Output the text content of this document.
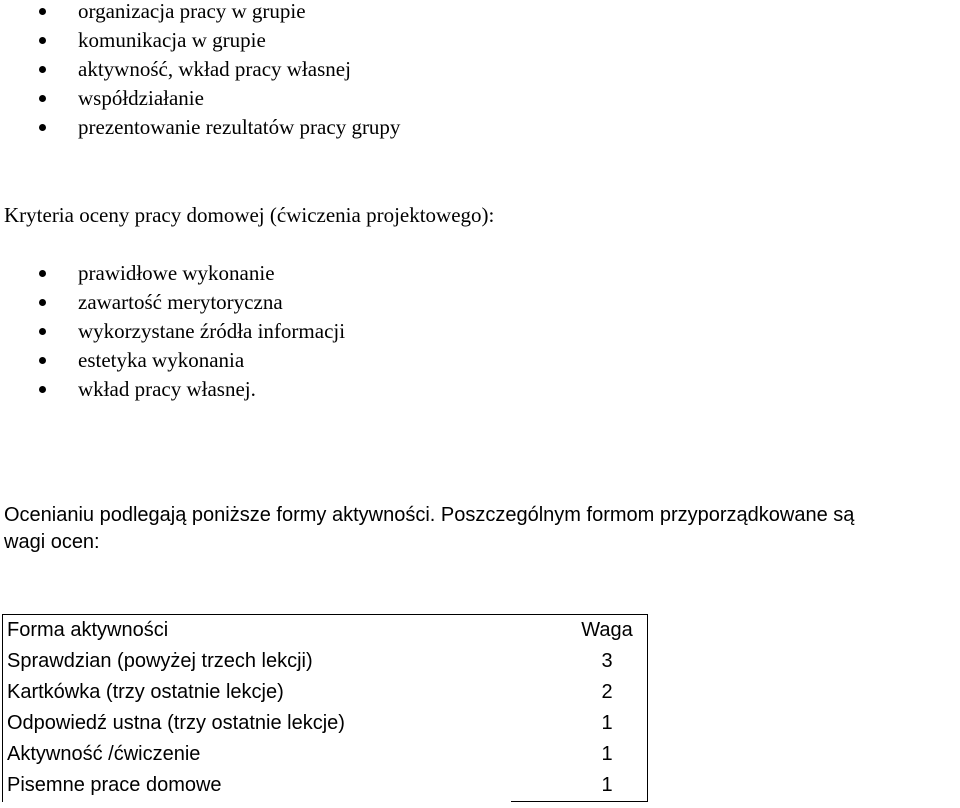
organizacja pracy w grupie
komunikacja w grupie
aktywność, wkład pracy własnej
współdziałanie
prezentowanie rezultatów pracy grupy
Kryteria oceny pracy domowej (ćwiczenia projektowego):
prawidłowe wykonanie
zawartość merytoryczna
wykorzystane źródła informacji
estetyka wykonania
wkład pracy własnej.
Ocenianiu podlegają poniższe formy aktywności. Poszczególnym formom przyporządkowane są
wagi ocen:
Forma aktywności	Waga
Sprawdzian (powyżej trzech lekcji)	3
Kartkówka (trzy ostatnie lekcje)	2
Odpowiedź ustna (trzy ostatnie lekcje)	1
Aktywność /ćwiczenie	1
Pisemne prace domowe	1
